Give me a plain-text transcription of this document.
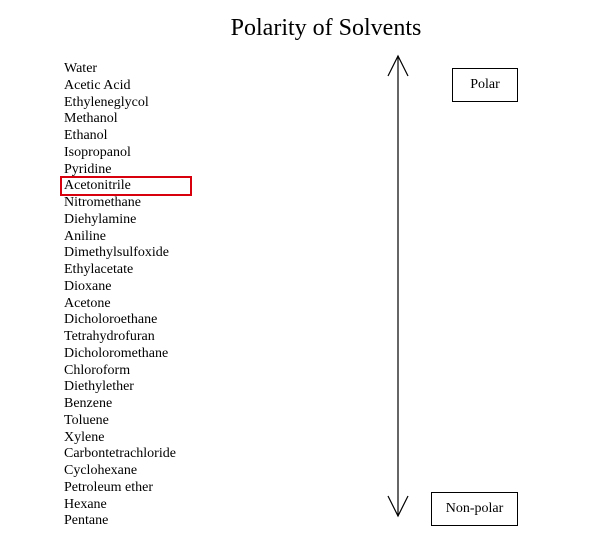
Polarity of Solvents
Water
Acetic Acid
Ethyleneglycol
Methanol
Ethanol
Isopropanol
Pyridine
Acetonitrile
Nitromethane
Diehylamine
Aniline
Dimethylsulfoxide
Ethylacetate
Dioxane
Acetone
Dicholoroethane
Tetrahydrofuran
Dicholoromethane
Chloroform
Diethylether
Benzene
Toluene
Xylene
Carbontetrachloride
Cyclohexane
Petroleum ether
Hexane
Pentane
Polar
Non-polar
